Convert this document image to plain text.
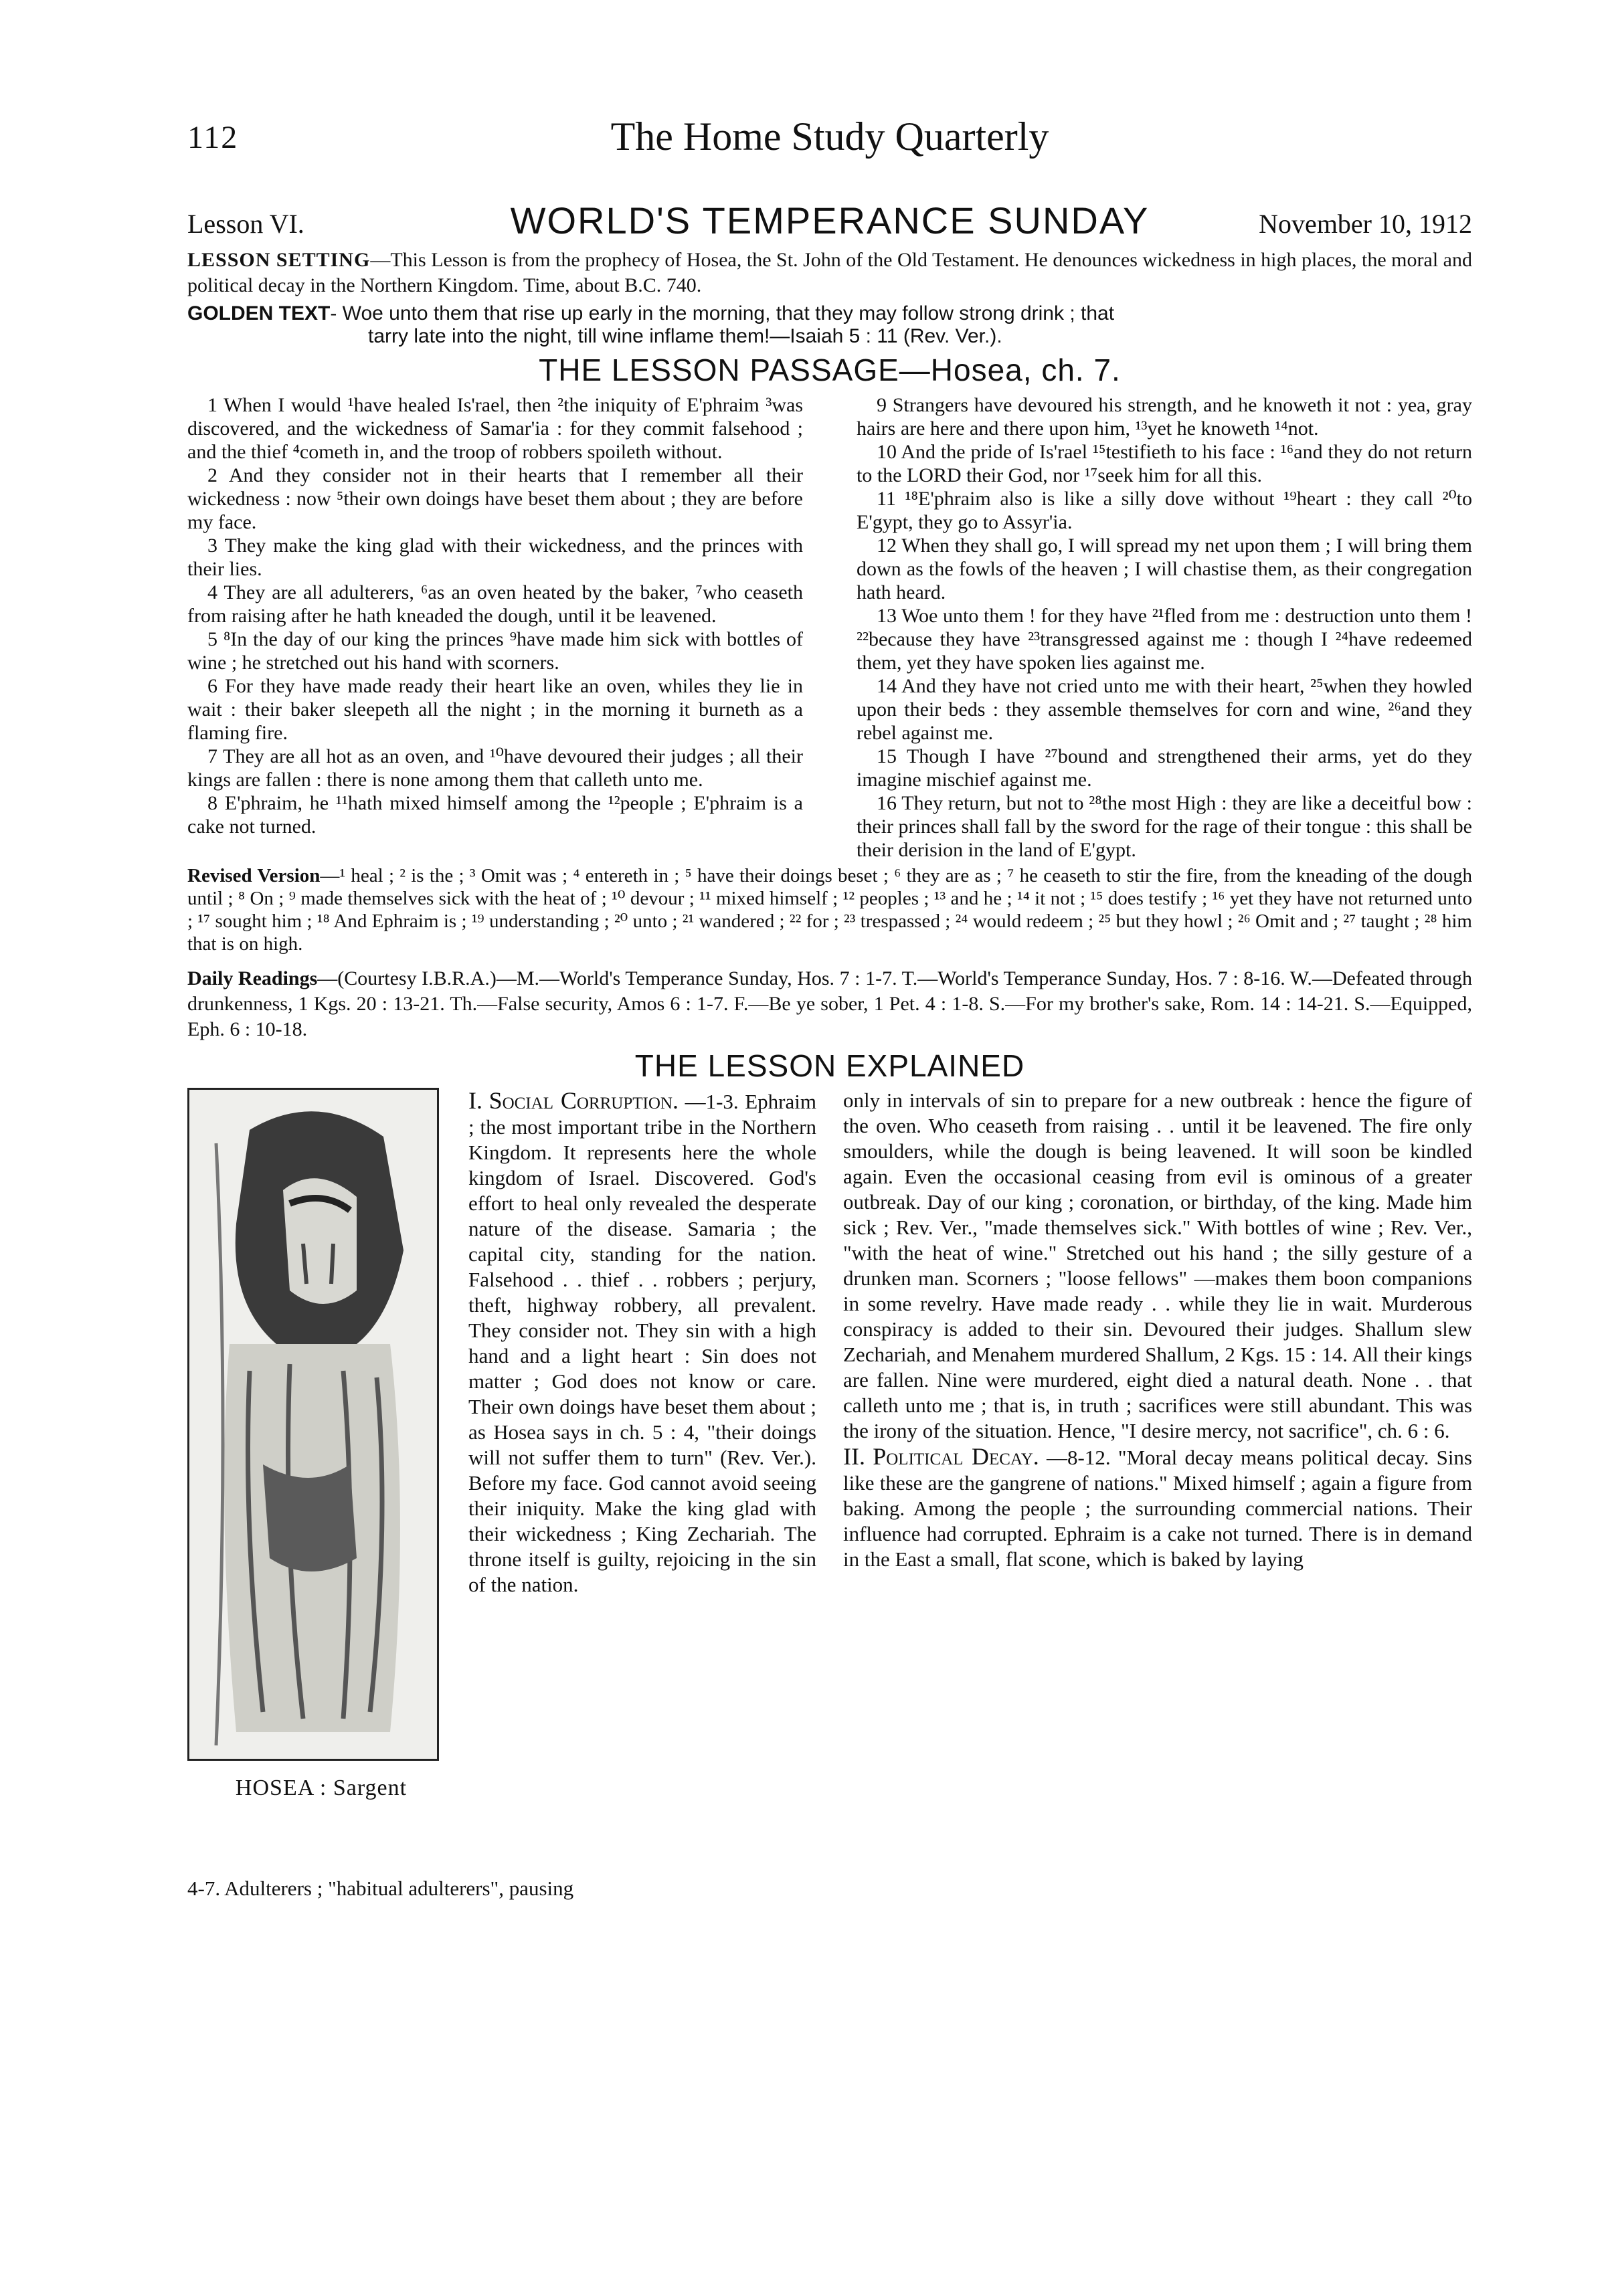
112	The Home Study Quarterly
Lesson VI.	WORLD'S TEMPERANCE SUNDAY	November 10, 1912
LESSON SETTING—This Lesson is from the prophecy of Hosea, the St. John of the Old Testament. He denounces wickedness in high places, the moral and political decay in the Northern Kingdom. Time, about B.C. 740.
GOLDEN TEXT- Woe unto them that rise up early in the morning, that they may follow strong drink ; that
tarry late into the night, till wine inflame them!—Isaiah 5 : 11 (Rev. Ver.).
THE LESSON PASSAGE—Hosea, ch. 7.

1 When I would ¹have healed Is'rael, then ²the iniquity of E'phraim ³was discovered, and the wickedness of Samar'ia : for they commit falsehood ; and the thief ⁴cometh in, and the troop of robbers spoileth without.

2 And they consider not in their hearts that I remember all their wickedness : now ⁵their own doings have beset them about ; they are before my face.

3 They make the king glad with their wickedness, and the princes with their lies.

4 They are all adulterers, ⁶as an oven heated by the baker, ⁷who ceaseth from raising after he hath kneaded the dough, until it be leavened.

5 ⁸In the day of our king the princes ⁹have made him sick with bottles of wine ; he stretched out his hand with scorners.

6 For they have made ready their heart like an oven, whiles they lie in wait : their baker sleepeth all the night ; in the morning it burneth as a flaming fire.

7 They are all hot as an oven, and ¹⁰have devoured their judges ; all their kings are fallen : there is none among them that calleth unto me.

8 E'phraim, he ¹¹hath mixed himself among the ¹²people ; E'phraim is a cake not turned.

9 Strangers have devoured his strength, and he knoweth it not : yea, gray hairs are here and there upon him, ¹³yet he knoweth ¹⁴not.

10 And the pride of Is'rael ¹⁵testifieth to his face : ¹⁶and they do not return to the LORD their God, nor ¹⁷seek him for all this.

11 ¹⁸E'phraim also is like a silly dove without ¹⁹heart : they call ²⁰to E'gypt, they go to Assyr'ia.

12 When they shall go, I will spread my net upon them ; I will bring them down as the fowls of the heaven ; I will chastise them, as their congregation hath heard.

13 Woe unto them ! for they have ²¹fled from me : destruction unto them ! ²²because they have ²³transgressed against me : though I ²⁴have redeemed them, yet they have spoken lies against me.

14 And they have not cried unto me with their heart, ²⁵when they howled upon their beds : they assemble themselves for corn and wine, ²⁶and they rebel against me.

15 Though I have ²⁷bound and strengthened their arms, yet do they imagine mischief against me.

16 They return, but not to ²⁸the most High : they are like a deceitful bow : their princes shall fall by the sword for the rage of their tongue : this shall be their derision in the land of E'gypt.

Revised Version—¹ heal ; ² is the ; ³ Omit was ; ⁴ entereth in ; ⁵ have their doings beset ; ⁶ they are as ; ⁷ he ceaseth to stir the fire, from the kneading of the dough until ; ⁸ On ; ⁹ made themselves sick with the heat of ; ¹⁰ devour ; ¹¹ mixed himself ; ¹² peoples ; ¹³ and he ; ¹⁴ it not ; ¹⁵ does testify ; ¹⁶ yet they have not returned unto ; ¹⁷ sought him ; ¹⁸ And Ephraim is ; ¹⁹ understanding ; ²⁰ unto ; ²¹ wandered ; ²² for ; ²³ trespassed ; ²⁴ would redeem ; ²⁵ but they howl ; ²⁶ Omit and ; ²⁷ taught ; ²⁸ him that is on high.
Daily Readings—(Courtesy I.B.R.A.)—M.—World's Temperance Sunday, Hos. 7 : 1-7. T.—World's Temperance Sunday, Hos. 7 : 8-16. W.—Defeated through drunkenness, 1 Kgs. 20 : 13-21. Th.—False security, Amos 6 : 1-7. F.—Be ye sober, 1 Pet. 4 : 1-8. S.—For my brother's sake, Rom. 14 : 14-21. S.—Equipped, Eph. 6 : 10-18.
THE LESSON EXPLAINED
HOSEA : Sargent
I. Social Corruption. —1-3. Ephraim ; the most important tribe in the Northern Kingdom. It represents here the whole kingdom of Israel. Discovered. God's effort to heal only revealed the desperate nature of the disease. Samaria ; the capital city, standing for the nation. Falsehood . . thief . . robbers ; perjury, theft, highway robbery, all prevalent. They consider not. They sin with a high hand and a light heart : Sin does not matter ; God does not know or care. Their own doings have beset them about ; as Hosea says in ch. 5 : 4, "their doings will not suffer them to turn" (Rev. Ver.). Before my face. God cannot avoid seeing their iniquity. Make the king glad with their wickedness ; King Zechariah. The throne itself is guilty, rejoicing in the sin of the nation.
only in intervals of sin to prepare for a new outbreak : hence the figure of the oven. Who ceaseth from raising . . until it be leavened. The fire only smoulders, while the dough is being leavened. It will soon be kindled again. Even the occasional ceasing from evil is ominous of a greater outbreak. Day of our king ; coronation, or birthday, of the king. Made him sick ; Rev. Ver., "made themselves sick." With bottles of wine ; Rev. Ver., "with the heat of wine." Stretched out his hand ; the silly gesture of a drunken man. Scorners ; "loose fellows" —makes them boon companions in some revelry. Have made ready . . while they lie in wait. Murderous conspiracy is added to their sin. Devoured their judges. Shallum slew Zechariah, and Menahem murdered Shallum, 2 Kgs. 15 : 14. All their kings are fallen. Nine were murdered, eight died a natural death. None . . that calleth unto me ; that is, in truth ; sacrifices were still abundant. This was the irony of the situation. Hence, "I desire mercy, not sacrifice", ch. 6 : 6.
II. Political Decay. —8-12. "Moral decay means political decay. Sins like these are the gangrene of nations." Mixed himself ; again a figure from baking. Among the people ; the surrounding commercial nations. Their influence had corrupted. Ephraim is a cake not turned. There is in demand in the East a small, flat scone, which is baked by laying
4-7. Adulterers ; "habitual adulterers", pausing
